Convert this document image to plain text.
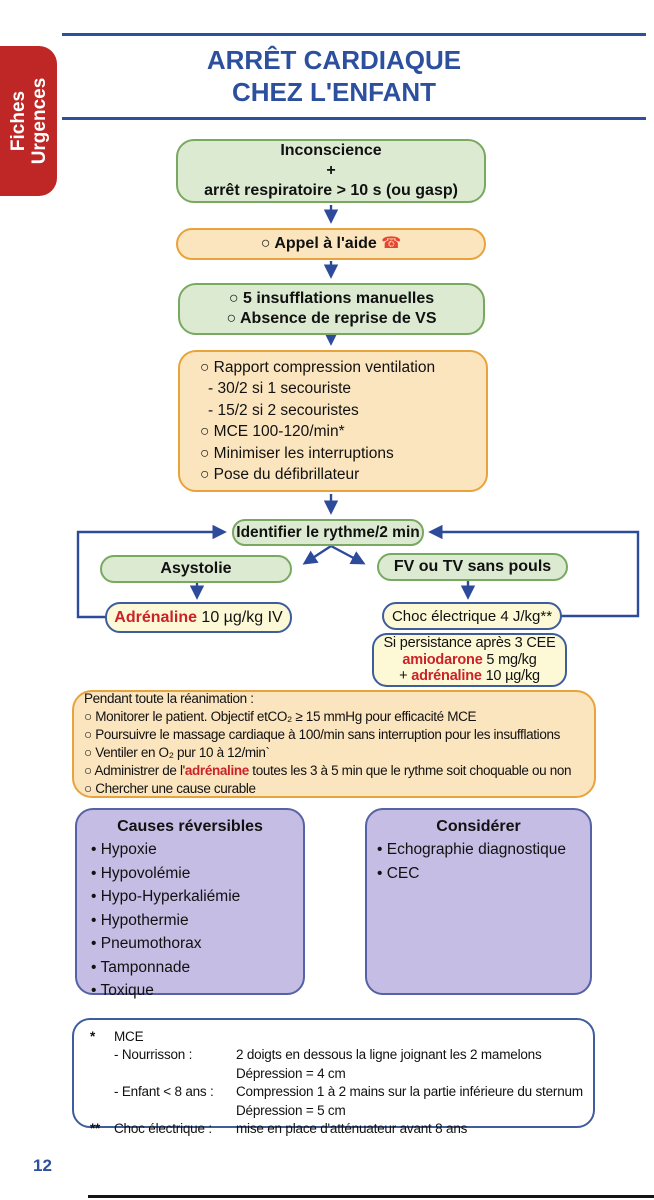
Fiches Urgences
ARRÊT CARDIAQUE
CHEZ L'ENFANT
Inconscience
+
arrêt respiratoire > 10 s (ou gasp)
○ Appel à l'aide ☎
○ 5 insufflations manuelles
○ Absence de reprise de VS
○ Rapport compression ventilation
- 30/2 si 1 secouriste
- 15/2 si 2 secouristes
○ MCE 100-120/min*
○ Minimiser les interruptions
○ Pose du défibrillateur
Identifier le rythme/2 min
Asystolie	FV ou TV sans pouls
Adrénaline 10 µg/kg IV	Choc électrique 4 J/kg**
Si persistance après 3 CEE
amiodarone 5 mg/kg
+ adrénaline 10 µg/kg
Pendant toute la réanimation :
○ Monitorer le patient. Objectif etCO₂ ≥ 15 mmHg pour efficacité MCE
○ Poursuivre le massage cardiaque à 100/min sans interruption pour les insufflations
○ Ventiler en O₂ pur 10 à 12/min`
○ Administrer de l'adrénaline toutes les 3 à 5 min que le rythme soit choquable ou non
○ Chercher une cause curable
Causes réversibles
• Hypoxie
• Hypovolémie
• Hypo-Hyperkaliémie
• Hypothermie
• Pneumothorax
• Tamponnade
• Toxique
Considérer
• Echographie diagnostique
• CEC
*	MCE
- Nourrisson :	2 doigts en dessous la ligne joignant les 2 mamelons
Dépression = 4 cm
- Enfant < 8 ans :	Compression 1 à 2 mains sur la partie inférieure du sternum
Dépression = 5 cm
**	Choc électrique :	mise en place d'atténuateur avant 8 ans
12
